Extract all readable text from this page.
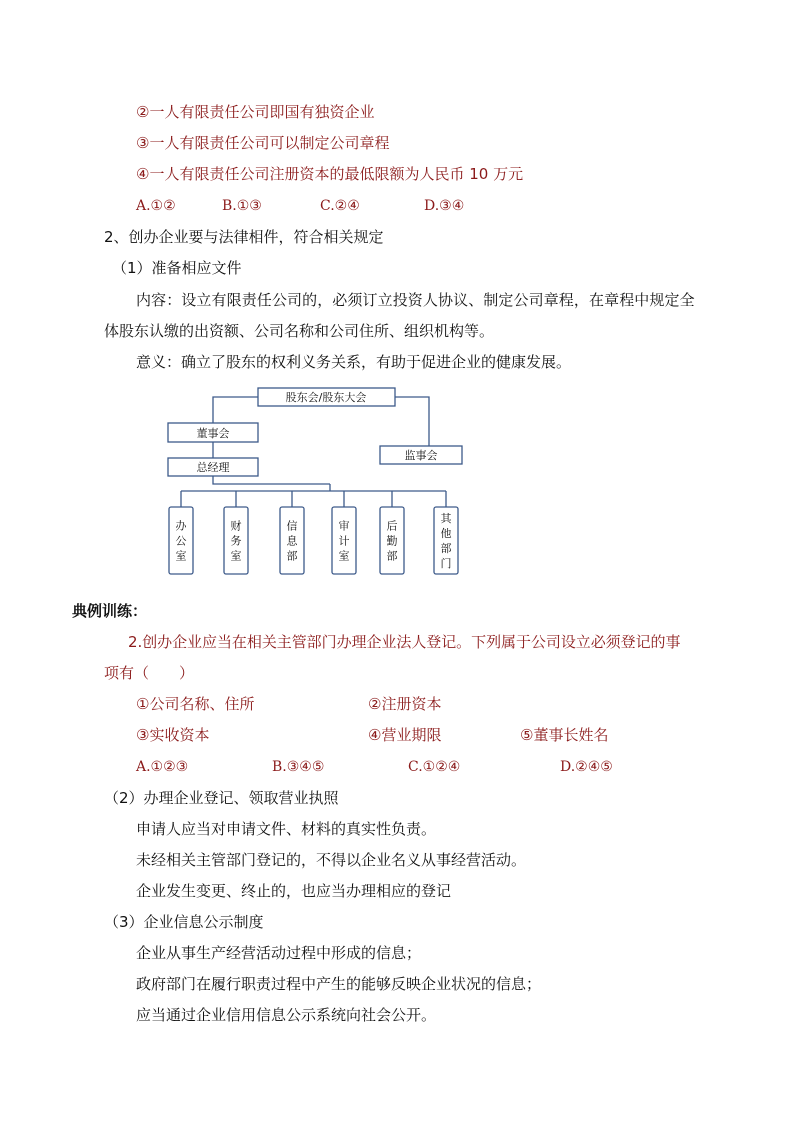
②一人有限责任公司即国有独资企业
③一人有限责任公司可以制定公司章程
④一人有限责任公司注册资本的最低限额为人民币 10 万元
A.①②	B.①③	C.②④	D.③④
2、创办企业要与法律相件，符合相关规定
（1）准备相应文件
内容：设立有限责任公司的，必须订立投资人协议、制定公司章程，在章程中规定全
体股东认缴的出资额、公司名称和公司住所、组织机构等。
意义：确立了股东的权利义务关系，有助于促进企业的健康发展。
股东会/股东大会
董事会
监事会
总经理
办公室
财务室
信息部
审计室
后勤部
其他部门
典例训练：
2.创办企业应当在相关主管部门办理企业法人登记。下列属于公司设立必须登记的事
项有（　　）
①公司名称、住所	②注册资本
③实收资本	④营业期限	⑤董事长姓名
A.①②③	B.③④⑤	C.①②④	D.②④⑤
（2）办理企业登记、领取营业执照
申请人应当对申请文件、材料的真实性负责。
未经相关主管部门登记的，不得以企业名义从事经营活动。
企业发生变更、终止的，也应当办理相应的登记
（3）企业信息公示制度
企业从事生产经营活动过程中形成的信息；
政府部门在履行职责过程中产生的能够反映企业状况的信息；
应当通过企业信用信息公示系统向社会公开。
